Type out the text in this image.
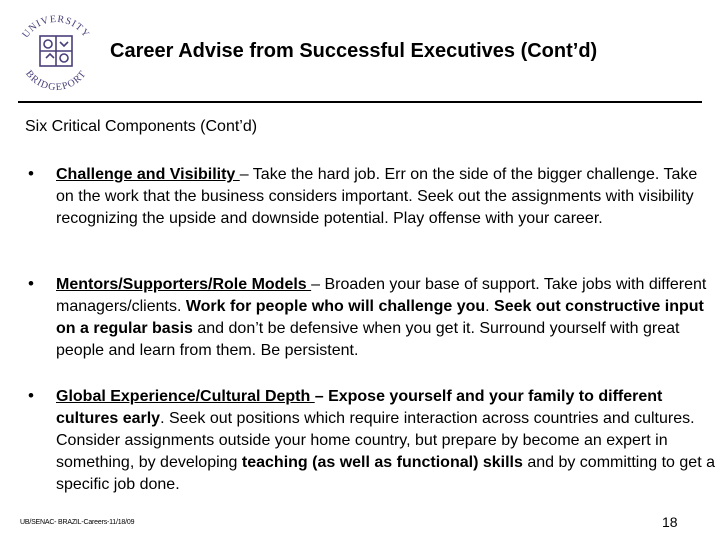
UNIVERSITY
BRIDGEPORT
Career Advise from Successful Executives (Cont’d)
Six Critical Components (Cont’d)
• Challenge and Visibility – Take the hard job. Err on the side of the bigger challenge. Take on the work that the business considers important. Seek out the assignments with visibility recognizing the upside and downside potential. Play offense with your career.
• Mentors/Supporters/Role Models – Broaden your base of support. Take jobs with different managers/clients. Work for people who will challenge you. Seek out constructive input on a regular basis and don’t be defensive when you get it. Surround yourself with great people and learn from them. Be persistent.
• Global Experience/Cultural Depth – Expose yourself and your family to different cultures early. Seek out positions which require interaction across countries and cultures. Consider assignments outside your home country, but prepare by become an expert in something, by developing teaching (as well as functional) skills and by committing to get a specific job done.
UB/SENAC- BRAZIL-Careers-11/18/09	18
